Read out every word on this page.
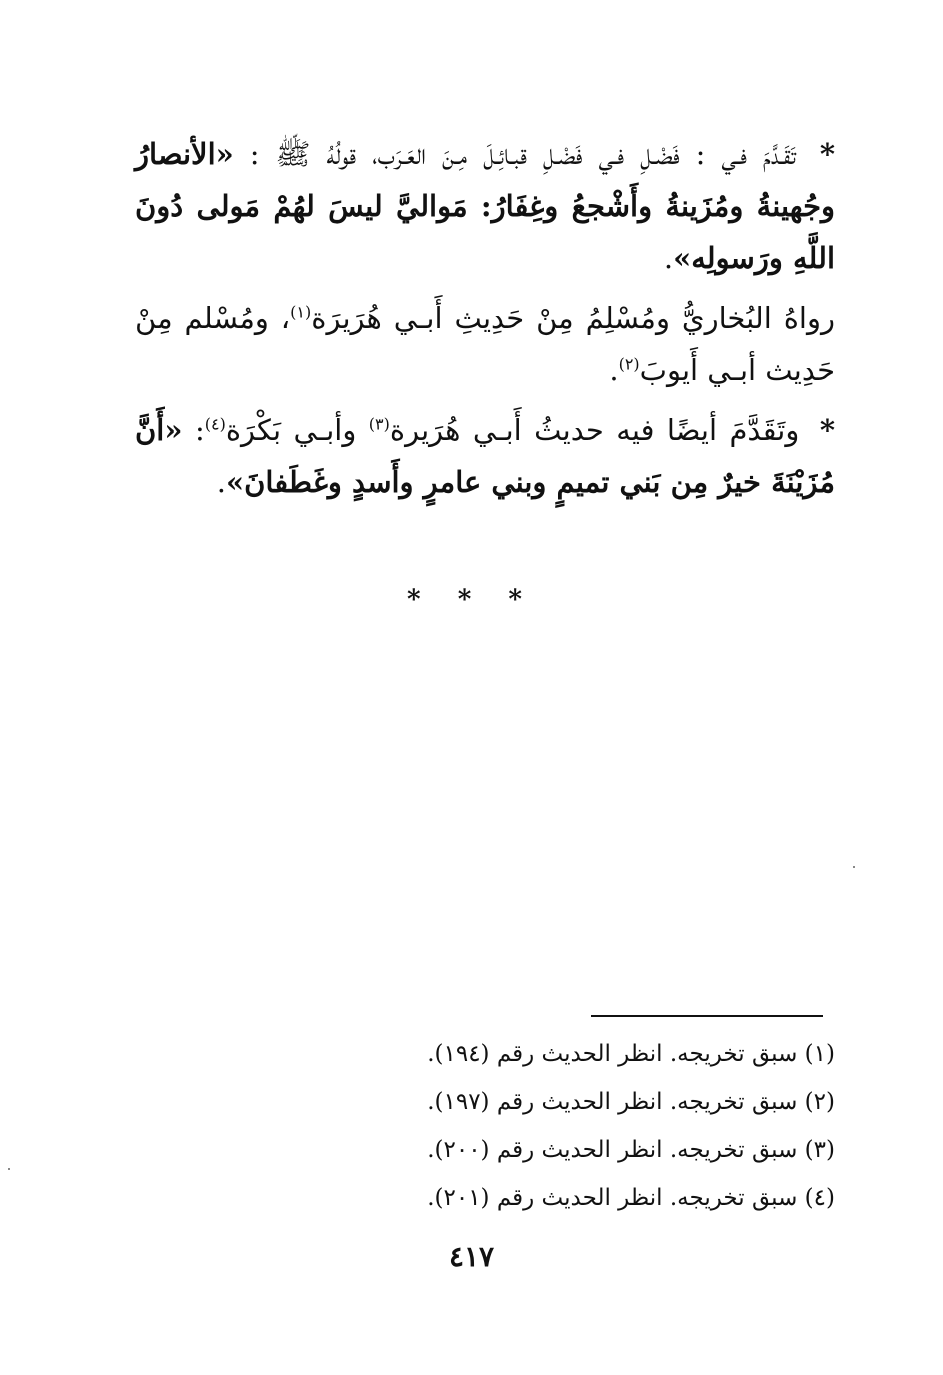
* تَقَـدَّمَ فـي : فَضْـلِ فـي فَضْـلِ قبـائِـلَ مِـنَ العَـرَب، قولُهُ ﷺ : «الأنصارُ وجُهينةُ ومُزَينةُ وأَشْجعُ وغِفَارُ: مَواليَّ ليسَ لهُمْ مَولى دُونَ اللَّهِ ورَسولِه».

رواهُ البُخاريُّ ومُسْلِمُ مِنْ حَدِيثِ أَبـي هُرَيرَة$^{(١)}$، ومُسْلم مِنْ حَدِيث أبـي أَيوبَ$^{(٢)}$.

* وتَقَدَّمَ أيضًا فيه حديثُ أَبـي هُرَيرة$^{(٣)}$ وأبـي بَكْرَة$^{(٤)}$: «أَنَّ مُزَيْنَةَ خيرٌ مِن بَني تميمٍ وبني عامرٍ وأَسدٍ وغَطَفانَ».

* * *

(١) سبق تخريجه. انظر الحديث رقم (١٩٤).

(٢) سبق تخريجه. انظر الحديث رقم (١٩٧).

(٣) سبق تخريجه. انظر الحديث رقم (٢٠٠).

(٤) سبق تخريجه. انظر الحديث رقم (٢٠١).

٤١٧
